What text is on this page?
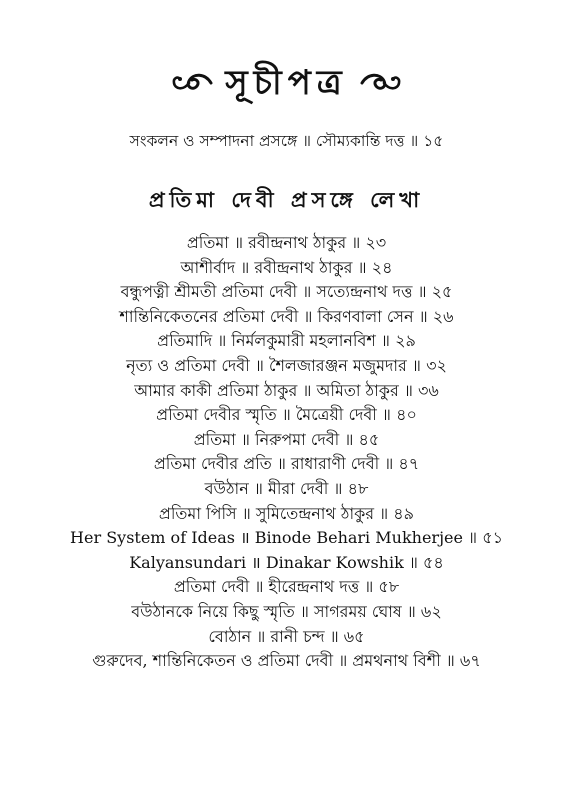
সূচীপত্র
সংকলন ও সম্পাদনা প্রসঙ্গে ॥ সৌম্যকান্তি দত্ত ॥ ১৫
প্রতিমা দেবী প্রসঙ্গে লেখা
প্রতিমা ॥ রবীন্দ্রনাথ ঠাকুর ॥ ২৩
আশীর্বাদ ॥ রবীন্দ্রনাথ ঠাকুর ॥ ২৪
বন্ধুপত্নী শ্রীমতী প্রতিমা দেবী ॥ সত্যেন্দ্রনাথ দত্ত ॥ ২৫
শান্তিনিকেতনের প্রতিমা দেবী ॥ কিরণবালা সেন ॥ ২৬
প্রতিমাদি ॥ নির্মলকুমারী মহলানবিশ ॥ ২৯
নৃত্য ও প্রতিমা দেবী ॥ শৈলজারঞ্জন মজুমদার ॥ ৩২
আমার কাকী প্রতিমা ঠাকুর ॥ অমিতা ঠাকুর ॥ ৩৬
প্রতিমা দেবীর স্মৃতি ॥ মৈত্রেয়ী দেবী ॥ ৪০
প্রতিমা ॥ নিরুপমা দেবী ॥ ৪৫
প্রতিমা দেবীর প্রতি ॥ রাধারাণী দেবী ॥ ৪৭
বউঠান ॥ মীরা দেবী ॥ ৪৮
প্রতিমা পিসি ॥ সুমিতেন্দ্রনাথ ঠাকুর ॥ ৪৯
Her System of Ideas ॥ Binode Behari Mukherjee ॥ ৫১
Kalyansundari ॥ Dinakar Kowshik ॥ ৫৪
প্রতিমা দেবী ॥ হীরেন্দ্রনাথ দত্ত ॥ ৫৮
বউঠানকে নিয়ে কিছু স্মৃতি ॥ সাগরময় ঘোষ ॥ ৬২
বোঠান ॥ রানী চন্দ ॥ ৬৫
গুরুদেব, শান্তিনিকেতন ও প্রতিমা দেবী ॥ প্রমথনাথ বিশী ॥ ৬৭
